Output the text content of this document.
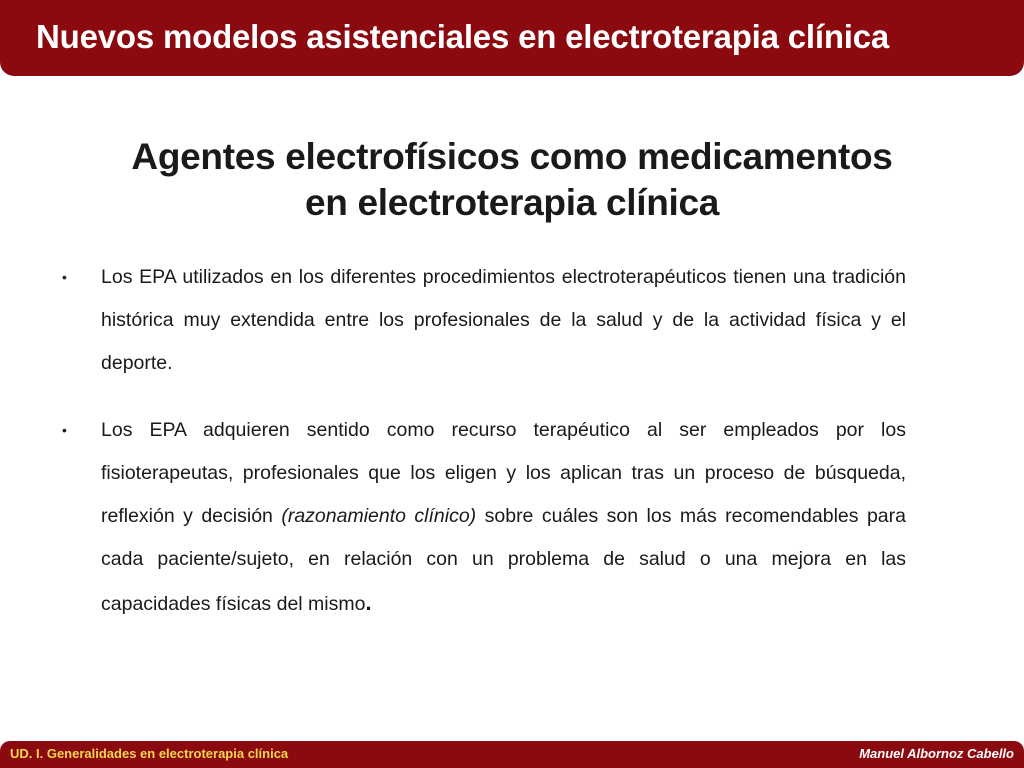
Nuevos modelos asistenciales en electroterapia clínica
Agentes electrofísicos como medicamentos
en electroterapia clínica
• Los EPA utilizados en los diferentes procedimientos electroterapéuticos tienen una tradición histórica muy extendida entre los profesionales de la salud y de la actividad física y el deporte.
• Los EPA adquieren sentido como recurso terapéutico al ser empleados por los fisioterapeutas, profesionales que los eligen y los aplican tras un proceso de búsqueda, reflexión y decisión (razonamiento clínico) sobre cuáles son los más recomendables para cada paciente/sujeto, en relación con un problema de salud o una mejora en las capacidades físicas del mismo.
UD. I. Generalidades en electroterapia clínica	Manuel Albornoz Cabello
